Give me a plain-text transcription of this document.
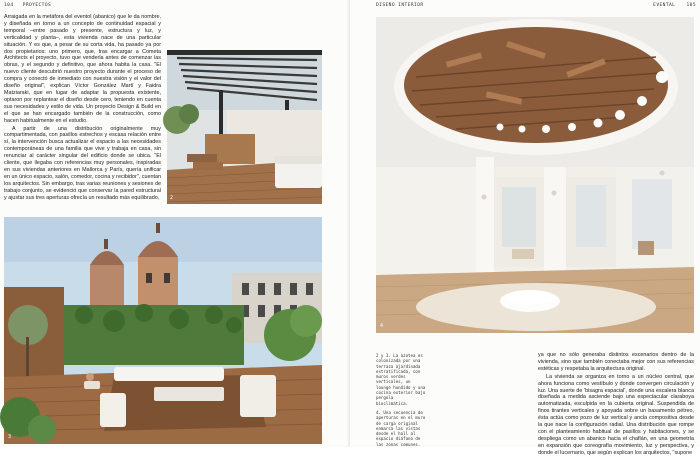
104 PROYECTOS

Arraigada en la metáfora del eventol (abanico) que le da nombre, y diseñada en torno a un concepto de continuidad espacial y temporal –entre pasado y presente, estructura y luz, y verticalidad y planta–, esta vivienda nace de una particular situación. Y es que, a pesar de su corta vida, ha pasado ya por dos propietarios: uno primero, que, tras encargar a Cometa Architects el proyecto, tuvo que venderla antes de comenzar las obras, y el segundo y definitivo, que ahora habita la casa. "El nuevo cliente descubrió nuestro proyecto durante el proceso de compra y conectó de inmediato con nuestra visión y el valor del diseño original", explican Víctor González Martí y Faidra Matziaraki, que en lugar de adaptar la propuesta existente, optaron por replantear el diseño desde cero, teniendo en cuenta sus necesidades y estilo de vida. Un proyecto Design & Build en el que se han encargado también de la construcción, como hacen habitualmente en el estudio.

A partir de una distribución originalmente muy compartimentada, con pasillos estrechos y escasa relación entre sí, la intervención busca actualizar el espacio a las necesidades contemporáneas de una familia que vive y trabaja en casa, sin renunciar al carácter singular del edificio donde se ubica. "El cliente, que llegaba con referencias muy personales, inspiradas en sus viviendas anteriores en Mallorca y París, quería unificar en un único espacio, salón, comedor, cocina y recibidor", cuentan los arquitectos. Sin embargo, tras varias reuniones y sesiones de trabajo conjunto, se evidenció que conservar la pared estructural y ajustar sus tres aperturas ofrecía un resultado más equilibrado,	2
3
DISEÑO INTERIOR	EVENTAL 105
4

2 y 3. La azotea es colonizada por una terraza ajardinada estratificada, con muros verdes verticales, un lounge hundido y una cocina exterior bajo pergola bioclimática.

4. Una secuencia de aperturas en el muro de carga original enmarca las vistas desde el hall al espacio diáfano de las zonas comunes.

ya que no sólo generaba distintos escenarios dentro de la vivienda, sino que también conectaba mejor con sus referencias estéticas y respetaba la arquitectura original.

La vivienda se organiza en torno a un núcleo central, que ahora funciona como vestíbulo y donde convergen circulación y luz. Una suerte de 'bisagra espacial', donde una escalera blanca diseñada a medida asciende bajo una espectacular claraboya automatizada, esculpida en la cubierta original. Suspendida de finos tirantes verticales y apoyada sobre un basamento pétreo, ésta actúa como pozo de luz vertical y ancla compositiva desde la que nace la configuración radial. Una distribución que rompe con el planteamiento habitual de pasillos y habitaciones, y se despliega como un abanico hacia el chaflán, en una geometría en expansión que coreografía movimiento, luz y perspectiva, y donde el lucernario, que según explican los arquitectos, "supone
